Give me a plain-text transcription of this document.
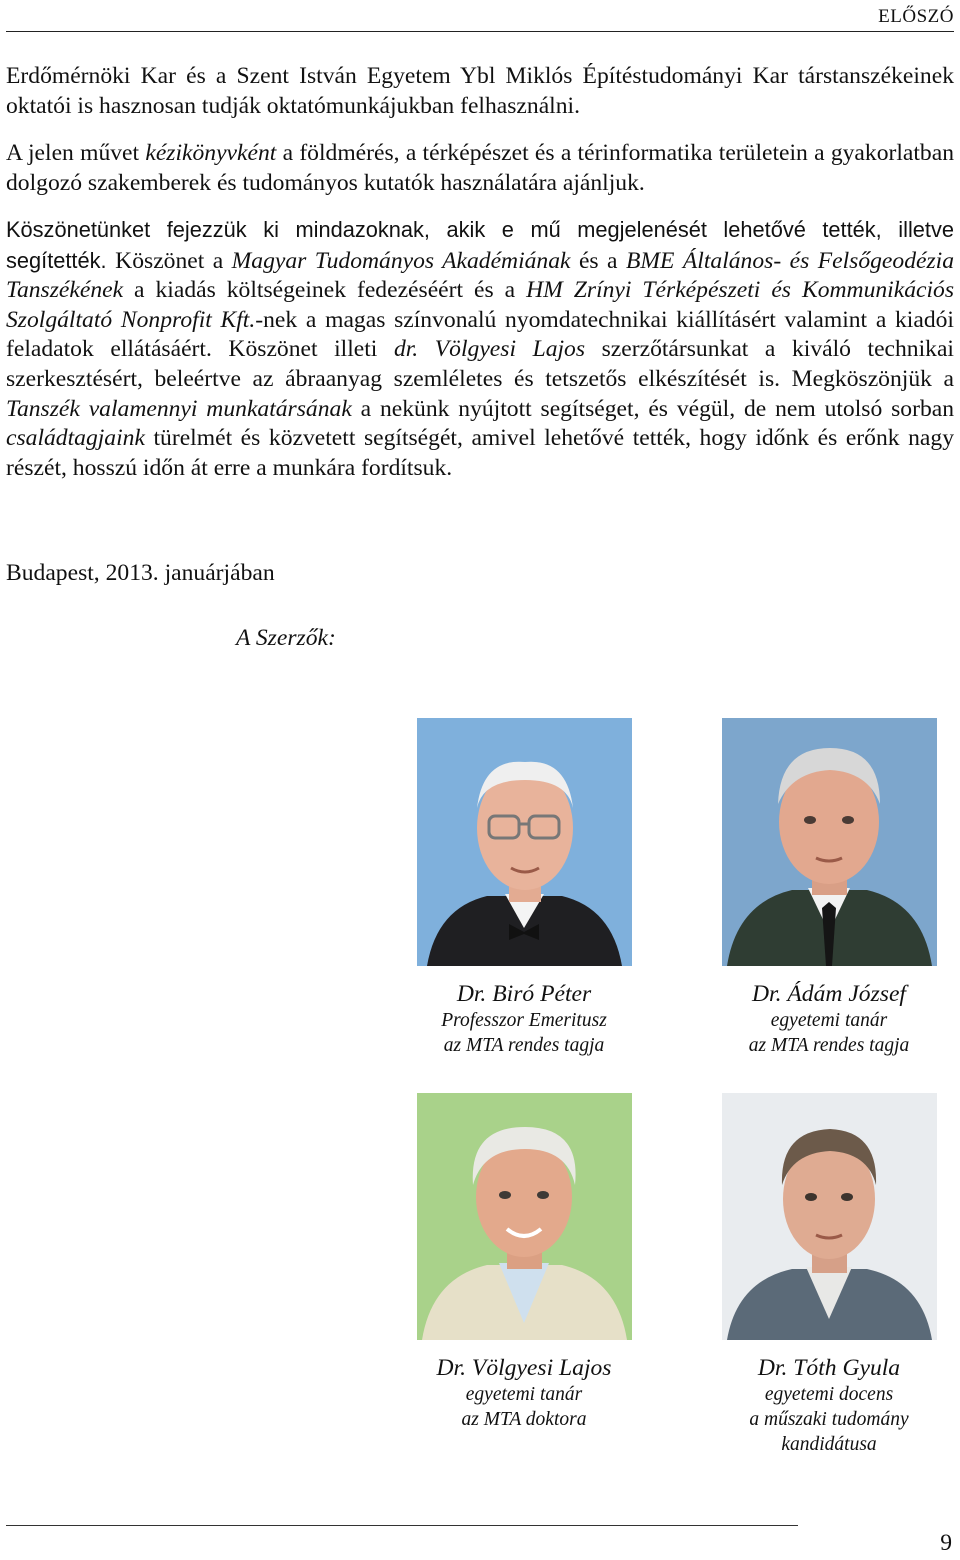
ELŐSZÓ

Erdőmérnöki Kar és a Szent István Egyetem Ybl Miklós Építéstudományi Kar társtanszékeinek oktatói is hasznosan tudják oktatómunkájukban felhasználni.

A jelen művet kézikönyvként a földmérés, a térképészet és a térinformatika területein a gyakorlatban dolgozó szakemberek és tudományos kutatók használatára ajánljuk.

Köszönetünket fejezzük ki mindazoknak, akik e mű megjelenését lehetővé tették, illetve segítették. Köszönet a Magyar Tudományos Akadémiának és a BME Általános- és Felsőgeodézia Tanszékének a kiadás költségeinek fedezéséért és a HM Zrínyi Térképészeti és Kommunikációs Szolgáltató Nonprofit Kft.-nek a magas színvonalú nyomdatechnikai kiállításért valamint a kiadói feladatok ellátásáért. Köszönet illeti dr. Völgyesi Lajos szerzőtársunkat a kiváló technikai szerkesztésért, beleértve az ábraanyag szemléletes és tetszetős elkészítését is. Megköszönjük a Tanszék valamennyi munkatársának a nekünk nyújtott segítséget, és végül, de nem utolsó sorban családtagjaink türelmét és közvetett segítségét, amivel lehetővé tették, hogy időnk és erőnk nagy részét, hosszú időn át erre a munkára fordítsuk.

Budapest, 2013. januárjában
A Szerzők:
Dr. Biró Péter
Professzor Emeritusz
az MTA rendes tagja
Dr. Ádám József
egyetemi tanár
az MTA rendes tagja
Dr. Völgyesi Lajos
egyetemi tanár
az MTA doktora
Dr. Tóth Gyula
egyetemi docens
a műszaki tudomány
kandidátusa
9
